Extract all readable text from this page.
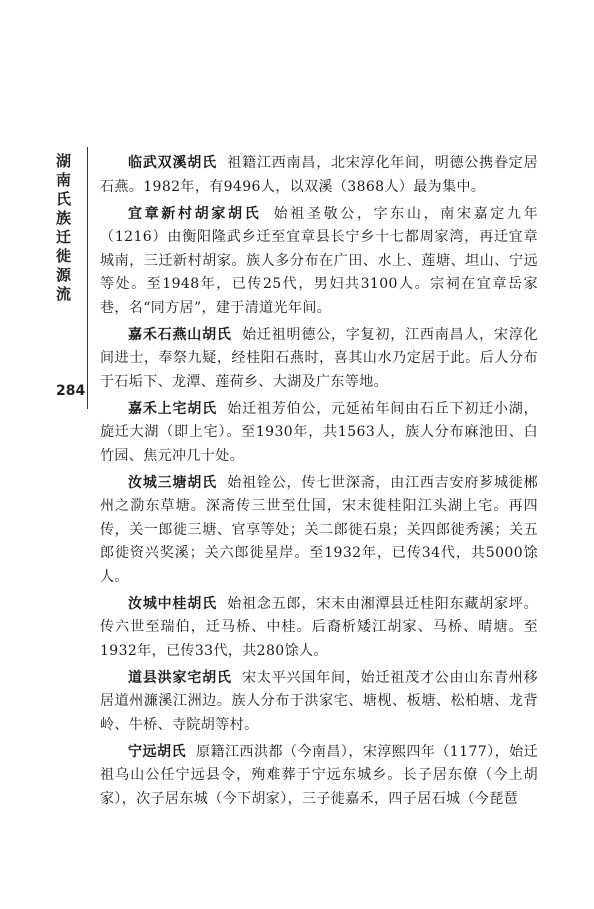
湖南氏族迁徙源流
284

临武双溪胡氏 祖籍江西南昌，北宋淳化年间，明德公携眷定居石燕。1982年，有9496人，以双溪（3868人）最为集中。

宜章新村胡家胡氏 始祖圣敬公，字东山，南宋嘉定九年（1216）由衡阳隆武乡迁至宜章县长宁乡十七都周家湾，再迁宜章城南，三迁新村胡家。族人多分布在广田、水上、莲塘、坦山、宁远等处。至1948年，已传25代，男妇共3100人。宗祠在宜章岳家巷，名“同方居”，建于清道光年间。

嘉禾石燕山胡氏 始迁祖明德公，字复初，江西南昌人，宋淳化间进士，奉祭九疑，经桂阳石燕时，喜其山水乃定居于此。后人分布于石垢下、龙潭、莲荷乡、大湖及广东等地。

嘉禾上宅胡氏 始迁祖芳伯公，元延祐年间由石丘下初迁小湖，旋迁大湖（即上宅）。至1930年，共1563人，族人分布麻池田、白竹园、焦元冲几十处。

汝城三塘胡氏 始祖铨公，传七世深斋，由江西吉安府芗城徙郴州之泐东草塘。深斋传三世至仕国，宋末徙桂阳江头湖上宅。再四传，关一郎徙三塘、官享等处；关二郎徙石泉；关四郎徙秀溪；关五郎徙资兴奖溪；关六郎徙星岸。至1932年，已传34代，共5000馀人。

汝城中桂胡氏 始祖念五郎，宋末由湘潭县迁桂阳东藏胡家坪。传六世至瑞伯，迁马桥、中桂。后裔析矮江胡家、马桥、晴塘。至1932年，已传33代，共280馀人。

道县洪家宅胡氏 宋太平兴国年间，始迁祖茂才公由山东青州移居道州濂溪江洲边。族人分布于洪家宅、塘枧、板塘、松柏塘、龙背岭、牛桥、寺院胡等村。

宁远胡氏 原籍江西洪都（今南昌），宋淳熙四年（1177），始迁祖乌山公任宁远县令，殉难葬于宁远东城乡。长子居东僚（今上胡家），次子居东城（今下胡家），三子徙嘉禾，四子居石城（今琵琶
